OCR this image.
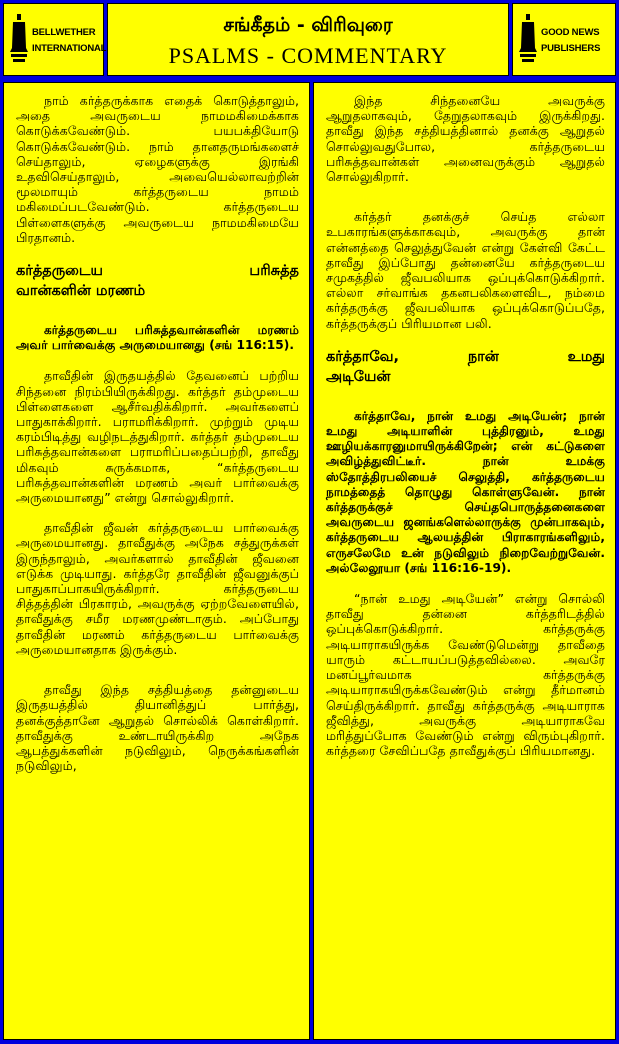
BELLWETHER
INTERNATIONAL
சங்கீதம் - விரிவுரை
PSALMS - COMMENTARY
GOOD NEWS
PUBLISHERS

நாம் கர்த்தருக்காக எதைக் கொடுத்தாலும், அதை அவருடைய நாமமகிமைக்காக கொடுக்கவேண்டும். பயபக்தியோடு கொடுக்கவேண்டும். நாம் தானதருமங்களைச் செய்தாலும், ஏழைகளுக்கு இரங்கி உதவிசெய்தாலும், அவையெல்லாவற்றின் மூலமாயும் கர்த்தருடைய நாமம் மகிமைப்படவேண்டும். கர்த்தருடைய பிள்ளைகளுக்கு அவருடைய நாமமகிமையே பிரதானம்.

கர்த்தருடைய பரிசுத்த
வான்களின் மரணம்

கர்த்தருடைய பரிசுத்தவான்களின் மரணம் அவர் பார்வைக்கு அருமையானது (சங் 116:15).

தாவீதின் இருதயத்தில் தேவனைப் பற்றிய சிந்தனை நிரம்பியிருக்கிறது. கர்த்தர் தம்முடைய பிள்ளைகளை ஆசீர்வதிக்கிறார். அவர்களைப் பாதுகாக்கிறார். பராமரிக்கிறார். முற்றும் முடிய கரம்பிடித்து வழிநடத்துகிறார். கர்த்தர் தம்முடைய பரிசுத்தவான்களை பராமரிப்பதைப்பற்றி, தாவீது மிகவும் சுருக்கமாக, “கர்த்தருடைய பரிசுத்தவான்களின் மரணம் அவர் பார்வைக்கு அருமையானது” என்று சொல்லுகிறார்.

தாவீதின் ஜீவன் கர்த்தருடைய பார்வைக்கு அருமையானது. தாவீதுக்கு அநேக சத்துருக்கள் இருந்தாலும், அவர்களால் தாவீதின் ஜீவனை எடுக்க முடியாது. கர்த்தரே தாவீதின் ஜீவனுக்குப் பாதுகாப்பாகயிருக்கிறார். கர்த்தருடைய சித்தத்தின் பிரகாரம், அவருக்கு ஏற்றவேளையில், தாவீதுக்கு சமீர மரணமுண்டாகும். அப்போது தாவீதின் மரணம் கர்த்தருடைய பார்வைக்கு அருமையானதாக இருக்கும்.

தாவீது இந்த சத்தியத்தை தன்னுடைய இருதயத்தில் தியானித்துப் பார்த்து, தனக்குத்தானே ஆறுதல் சொல்லிக் கொள்கிறார். தாவீதுக்கு உண்டாயிருக்கிற அநேக ஆபத்துக்களின் நடுவிலும், நெருக்கங்களின் நடுவிலும்,

இந்த சிந்தனையே அவருக்கு ஆறுதலாகவும், தேறுதலாகவும் இருக்கிறது. தாவீது இந்த சத்தியத்தினால் தனக்கு ஆறுதல் சொல்லுவதுபோல, கர்த்தருடைய பரிசுத்தவான்கள் அனைவருக்கும் ஆறுதல் சொல்லுகிறார்.

கர்த்தர் தனக்குச் செய்த எல்லா உபகாரங்களுக்காகவும், அவருக்கு தான் என்னத்தை செலுத்துவேன் என்று கேள்வி கேட்ட தாவீது இப்போது தன்னையே கர்த்தருடைய சமுகத்தில் ஜீவபலியாக ஒப்புக்கொடுக்கிறார். எல்லா சர்வாங்க தகனபலிகளைவிட, நம்மை கர்த்தருக்கு ஜீவபலியாக ஒப்புக்கொடுப்பதே, கர்த்தருக்குப் பிரியமான பலி.

கர்த்தாவே, நான் உமது
அடியேன்

கர்த்தாவே, நான் உமது அடியேன்; நான் உமது அடியாளின் புத்திரனும், உமது ஊழியக்காரனுமாயிருக்கிறேன்; என் கட்டுகளை அவிழ்த்துவிட்டீர். நான் உமக்கு ஸ்தோத்திரபலியைச் செலுத்தி, கர்த்தருடைய நாமத்தைத் தொழுது கொள்ளுவேன். நான் கர்த்தருக்குச் செய்தபொருத்தனைகளை அவருடைய ஜனங்களெல்லாருக்கு முன்பாகவும், கர்த்தருடைய ஆலயத்தின் பிராகாரங்களிலும், எருசலேமே உன் நடுவிலும் நிறைவேற்றுவேன். அல்லேலூயா (சங் 116:16-19).

“நான் உமது அடியேன்” என்று சொல்லி தாவீது தன்னை கர்த்தரிடத்தில் ஒப்புக்கொடுக்கிறார். கர்த்தருக்கு அடியாராகயிருக்க வேண்டுமென்று தாவீதை யாரும் கட்டாயப்படுத்தவில்லை. அவரே மனப்பூர்வமாக கர்த்தருக்கு அடியாராகயிருக்கவேண்டும் என்று தீர்மானம் செய்திருக்கிறார். தாவீது கர்த்தருக்கு அடியாராக ஜீவித்து, அவருக்கு அடியாராகவே மரித்துப்போக வேண்டும் என்று விரும்புகிறார். கர்த்தரை சேவிப்பதே தாவீதுக்குப் பிரியமானது.
